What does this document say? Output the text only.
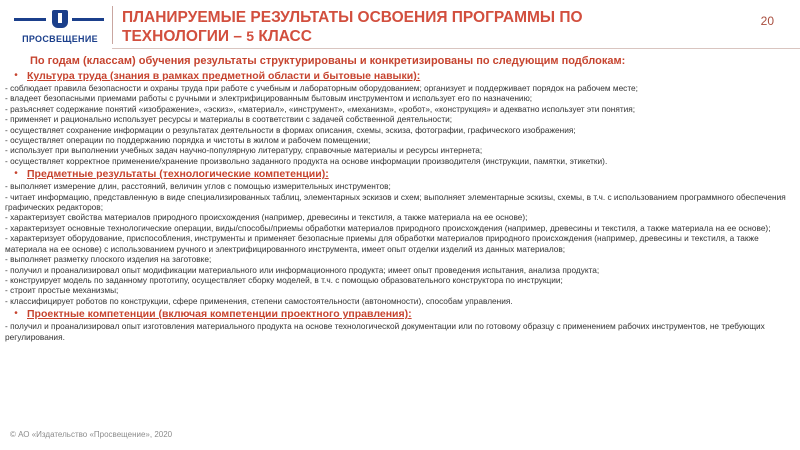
ПРОСВЕЩЕНИЕ
ПЛАНИРУЕМЫЕ РЕЗУЛЬТАТЫ ОСВОЕНИЯ ПРОГРАММЫ ПО
ТЕХНОЛОГИИ – 5 КЛАСС
20
По годам (классам) обучения результаты структурированы и конкретизированы по следующим подблокам:
• Культура труда (знания в рамках предметной области и бытовые навыки):

- соблюдает правила безопасности и охраны труда при работе с учебным и лабораторным оборудованием; организует и поддерживает порядок на рабочем месте;

- владеет безопасными приемами работы с ручными и электрифицированным бытовым инструментом и использует его по назначению;

- разъясняет содержание понятий «изображение», «эскиз», «материал», «инструмент», «механизм», «робот», «конструкция» и адекватно использует эти понятия;

- применяет и рационально использует ресурсы и материалы в соответствии с задачей собственной деятельности;

- осуществляет сохранение информации о результатах деятельности в формах описания, схемы, эскиза, фотографии, графического изображения;

- осуществляет операции по поддержанию порядка и чистоты в жилом и рабочем помещении;

- использует при выполнении учебных задач научно-популярную литературу, справочные материалы и ресурсы интернета;

- осуществляет корректное применение/хранение произвольно заданного продукта на основе информации производителя (инструкции, памятки, этикетки).

• Предметные результаты (технологические компетенции):

- выполняет измерение длин, расстояний, величин углов с помощью измерительных инструментов;

- читает информацию, представленную в виде специализированных таблиц, элементарных эскизов и схем; выполняет элементарные эскизы, схемы, в т.ч. с использованием программного обеспечения графических редакторов;

- характеризует свойства материалов природного происхождения (например, древесины и текстиля, а также материала на ее основе);

- характеризует основные технологические операции, виды/способы/приемы обработки материалов природного происхождения (например, древесины и текстиля, а также материала на ее основе);

- характеризует оборудование, приспособления, инструменты и применяет безопасные приемы для обработки материалов природного происхождения (например, древесины и текстиля, а также материала на ее основе) с использованием ручного и электрифицированного инструмента, имеет опыт отделки изделий из данных материалов;

- выполняет разметку плоского изделия на заготовке;

- получил и проанализировал опыт модификации материального или информационного продукта; имеет опыт проведения испытания, анализа продукта;

- конструирует модель по заданному прототипу, осуществляет сборку моделей, в т.ч. с помощью образовательного конструктора по инструкции;

- строит простые механизмы;

- классифицирует роботов по конструкции, сфере применения, степени самостоятельности (автономности), способам управления.

• Проектные компетенции (включая компетенции проектного управления):

- получил и проанализировал опыт изготовления материального продукта на основе технологической документации или по готовому образцу с применением рабочих инструментов, не требующих регулирования.

© АО «Издательство «Просвещение», 2020
